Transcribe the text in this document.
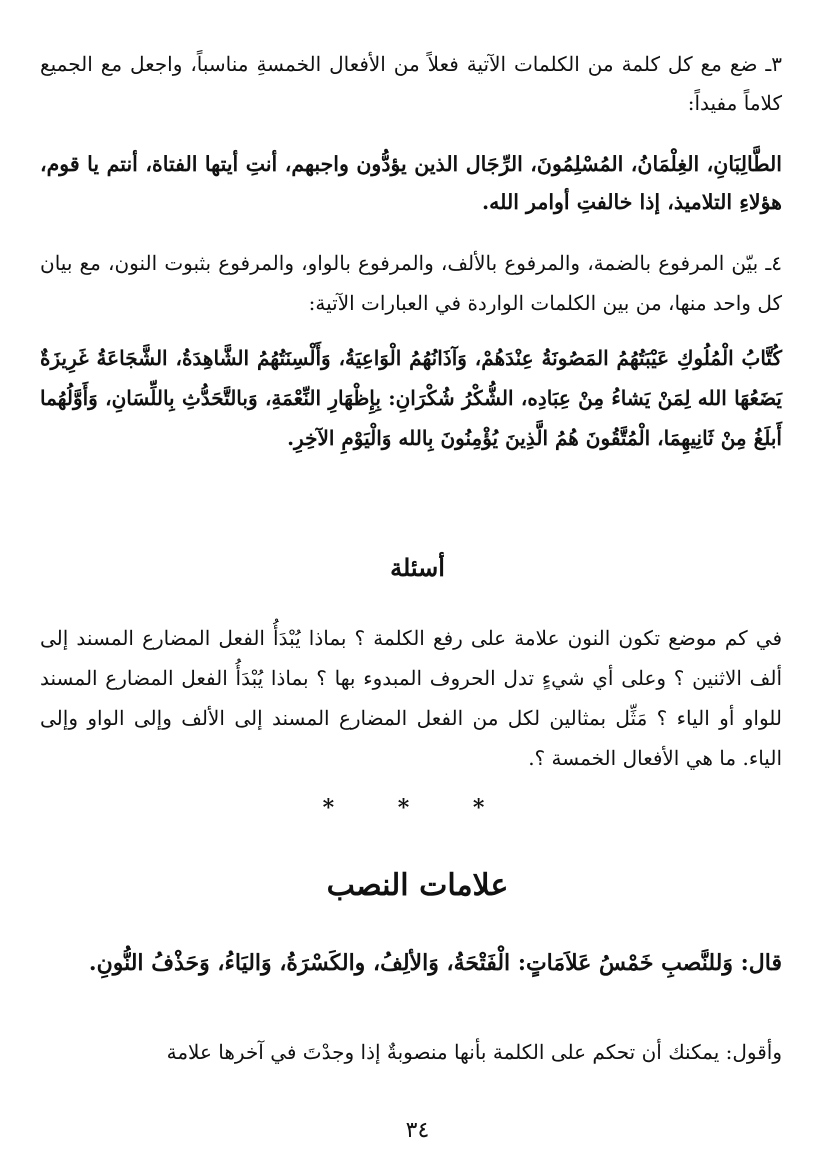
٣ـ ضع مع كل كلمة من الكلمات الآتية فعلاً من الأفعال الخمسةِ مناسباً، واجعل مع الجميع كلاماً مفيداً:

الطَّالِبَانِ، الغِلْمَانُ، المُسْلِمُونَ، الرِّجَال الذين يؤدُّون واجبهم، أنتِ أيتها الفتاة، أنتم يا قوم، هؤلاءِ التلاميذ، إذا خالفتِ أوامر الله.

٤ـ بيّن المرفوع بالضمة، والمرفوع بالألف، والمرفوع بالواو، والمرفوع بثبوت النون، مع بيان كل واحد منها، من بين الكلمات الواردة في العبارات الآتية:

كُتَّابُ الْمُلُوكِ عَيْبَتُهُمُ المَصُونَةُ عِنْدَهُمْ، وَآذَانُهُمُ الْوَاعِيَةُ، وَأَلْسِنَتُهُمُ الشَّاهِدَةُ، الشَّجَاعَةُ غَرِيزَةٌ يَضَعُهَا الله لِمَنْ يَشاءُ مِنْ عِبَادِه، الشُّكْرُ شُكْرَانِ: بِإِظْهَارِ النِّعْمَةِ، وَبالتَّحَدُّثِ بِاللِّسَانِ، وَأَوَّلُهُما أَبلَغُ مِنْ ثَانِيهِمَا، الْمُتَّقُونَ هُمُ الَّذِينَ يُؤْمِنُونَ بِالله وَالْيَوْمِ الآخِرِ.

أسئلة

في كم موضع تكون النون علامة على رفع الكلمة ؟ بماذا يُبْدَأُ الفعل المضارع المسند إلى ألف الاثنين ؟ وعلى أي شيءٍ تدل الحروف المبدوء بها ؟ بماذا يُبْدَأُ الفعل المضارع المسند للواو أو الياء ؟ مَثِّل بمثالين لكل من الفعل المضارع المسند إلى الألف وإلى الواو وإلى الياء. ما هي الأفعال الخمسة ؟.

* * *
علامات النصب

قال: وَللنَّصبِ خَمْسُ عَلاَمَاتٍ: الْفَتْحَةُ، وَالألِفُ، والكَسْرَةُ، وَاليَاءُ، وَحَذْفُ النُّونِ.

وأقول: يمكنك أن تحكم على الكلمة بأنها منصوبةٌ إذا وجدْتَ في آخرها علامة

٣٤
